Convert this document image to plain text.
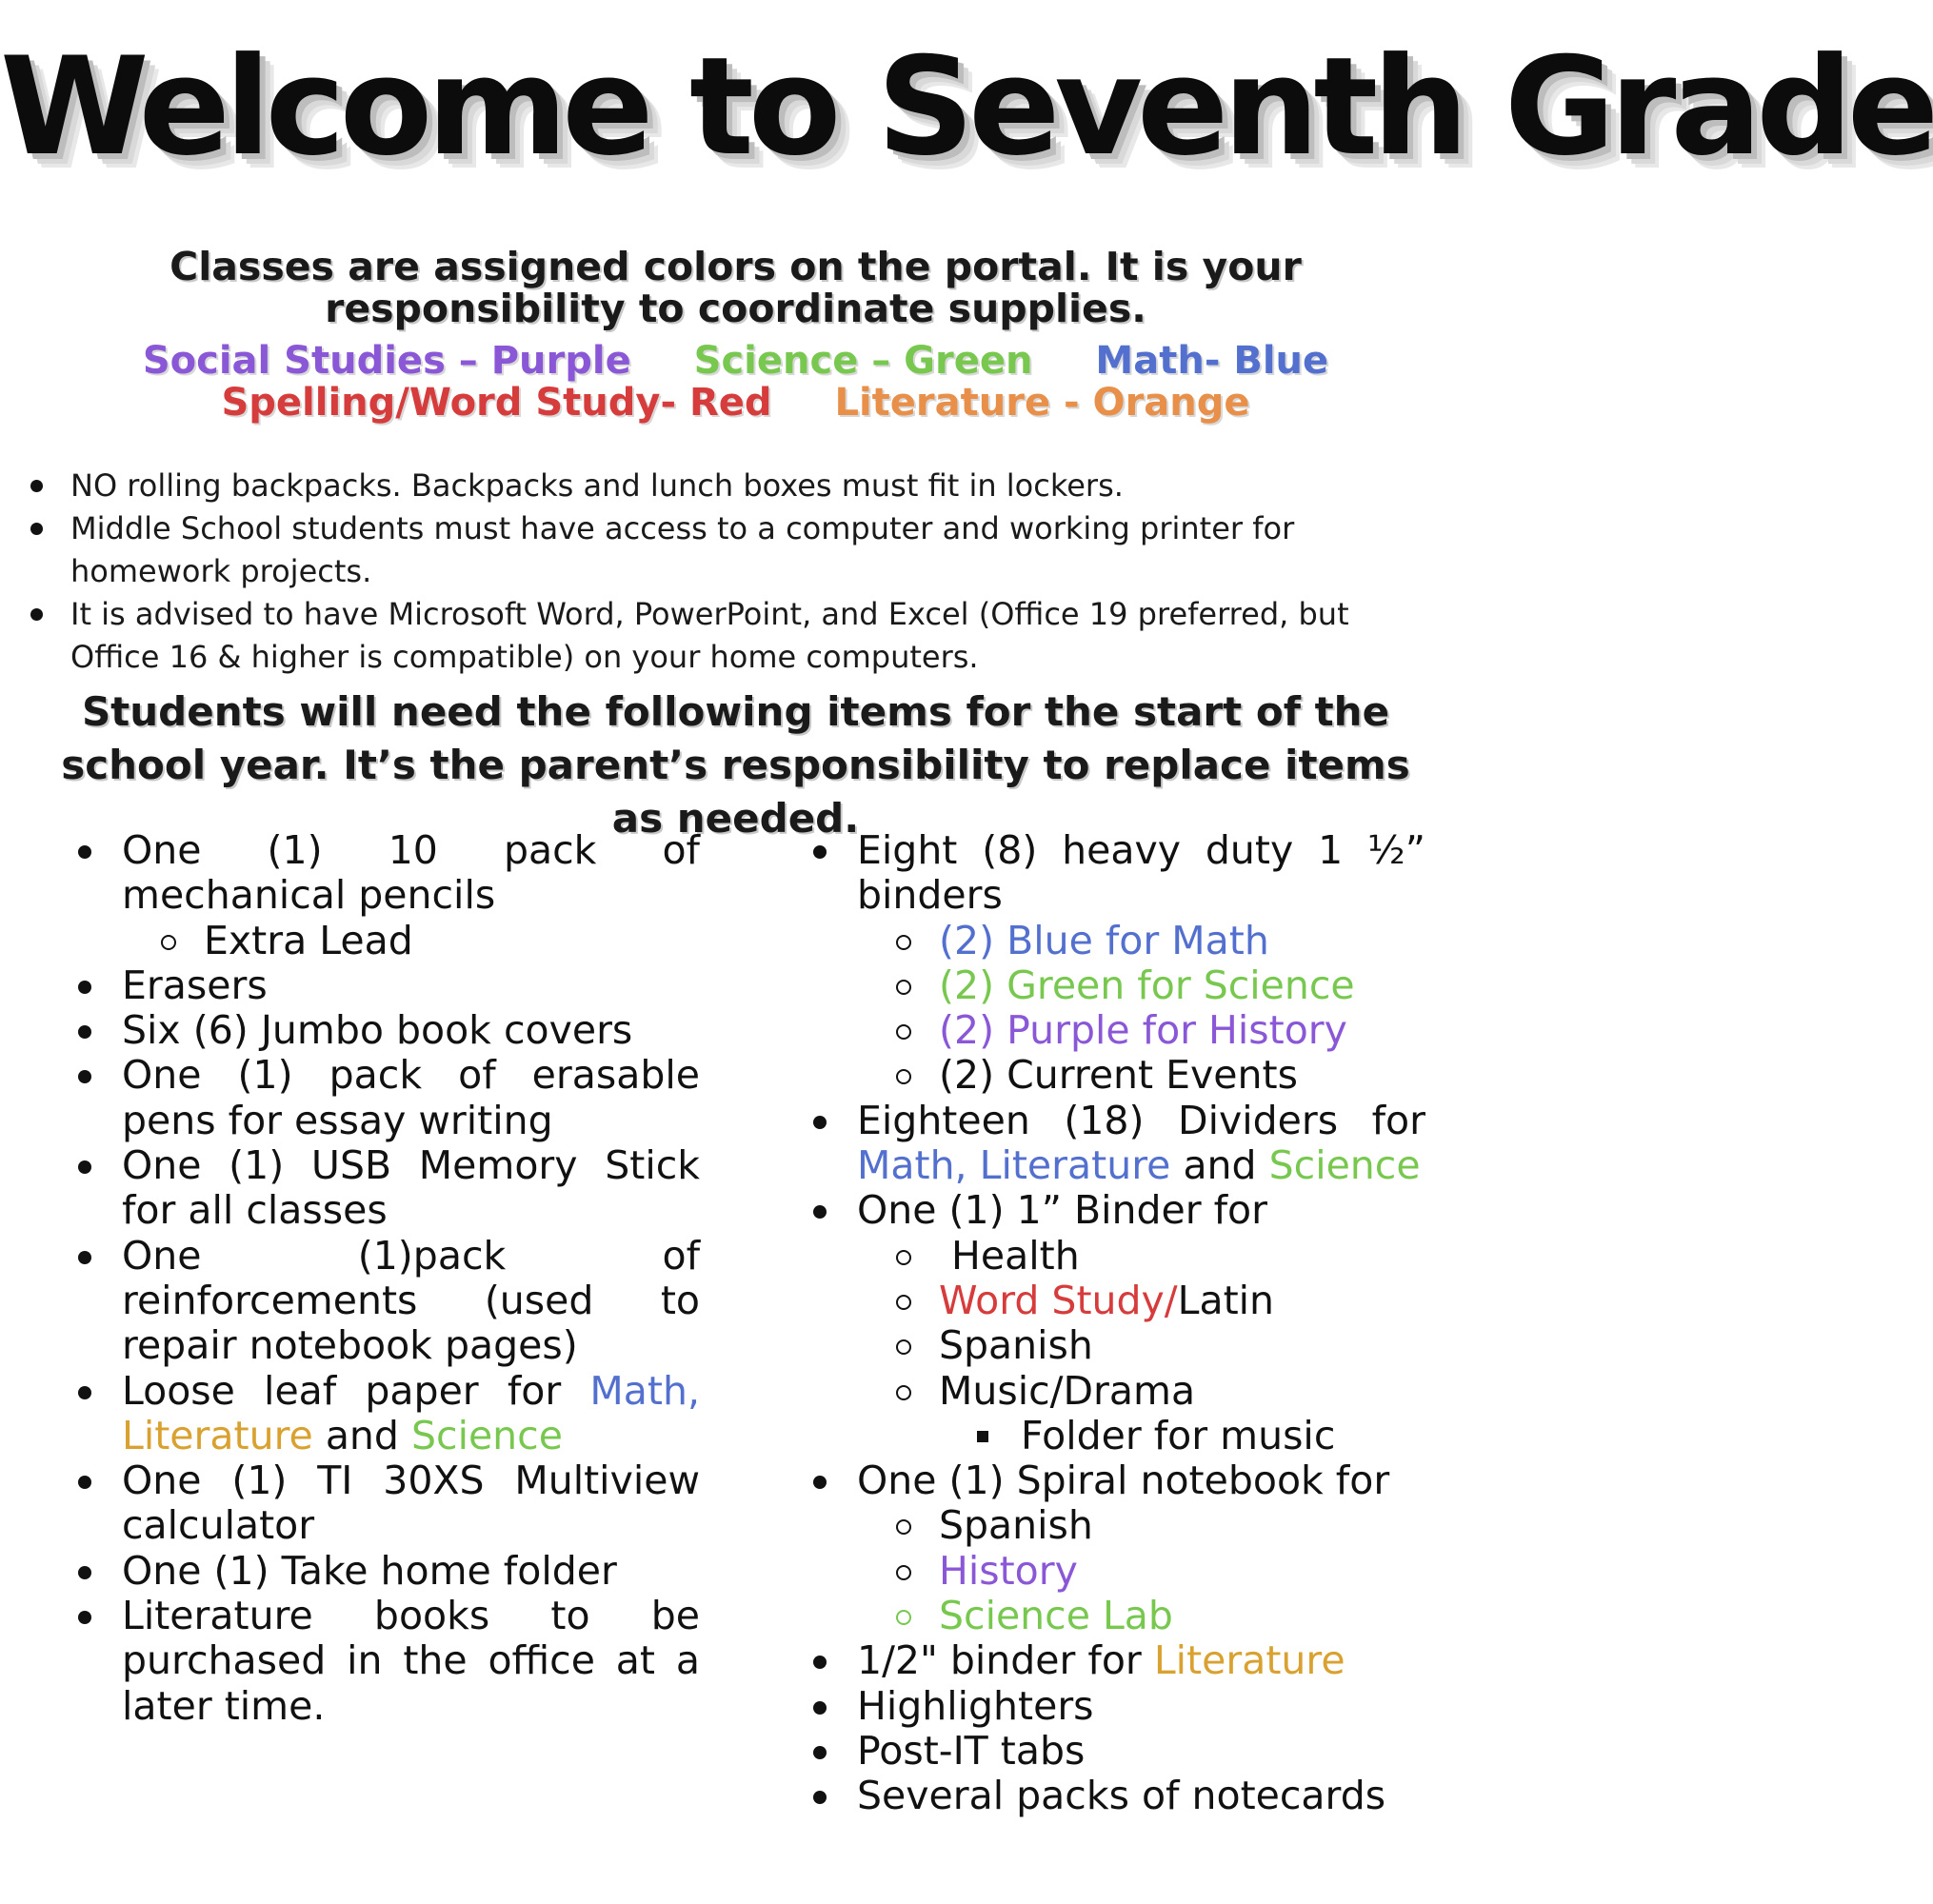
Welcome to Seventh Grade
Classes are assigned colors on the portal. It is your responsibility to coordinate supplies.
Social Studies – Purple Science – Green Math- Blue
Spelling/Word Study- Red Literature - Orange
NO rolling backpacks. Backpacks and lunch boxes must fit in lockers.
Middle School students must have access to a computer and working printer for homework projects.
It is advised to have Microsoft Word, PowerPoint, and Excel (Office 19 preferred, but Office 16 & higher is compatible) on your home computers.
Students will need the following items for the start of the school year. It’s the parent’s responsibility to replace items as needed.
One (1) 10 pack of mechanical pencils
Extra Lead
Erasers
Six (6) Jumbo book covers
One (1) pack of erasable pens for essay writing
One (1) USB Memory Stick for all classes
One (1)pack of reinforcements (used to repair notebook pages)
Loose leaf paper for Math, Literature and Science
One (1) TI 30XS Multiview calculator
One (1) Take home folder
Literature books to be purchased in the office at a later time.
Eight (8) heavy duty 1 ½” binders
(2) Blue for Math
(2) Green for Science
(2) Purple for History
(2) Current Events
Eighteen (18) Dividers for Math, Literature and Science
One (1) 1” Binder for
Health
Word Study/Latin
Spanish
Music/Drama
Folder for music
One (1) Spiral notebook for
Spanish
History
Science Lab
1/2" binder for Literature
Highlighters
Post-IT tabs
Several packs of notecards
